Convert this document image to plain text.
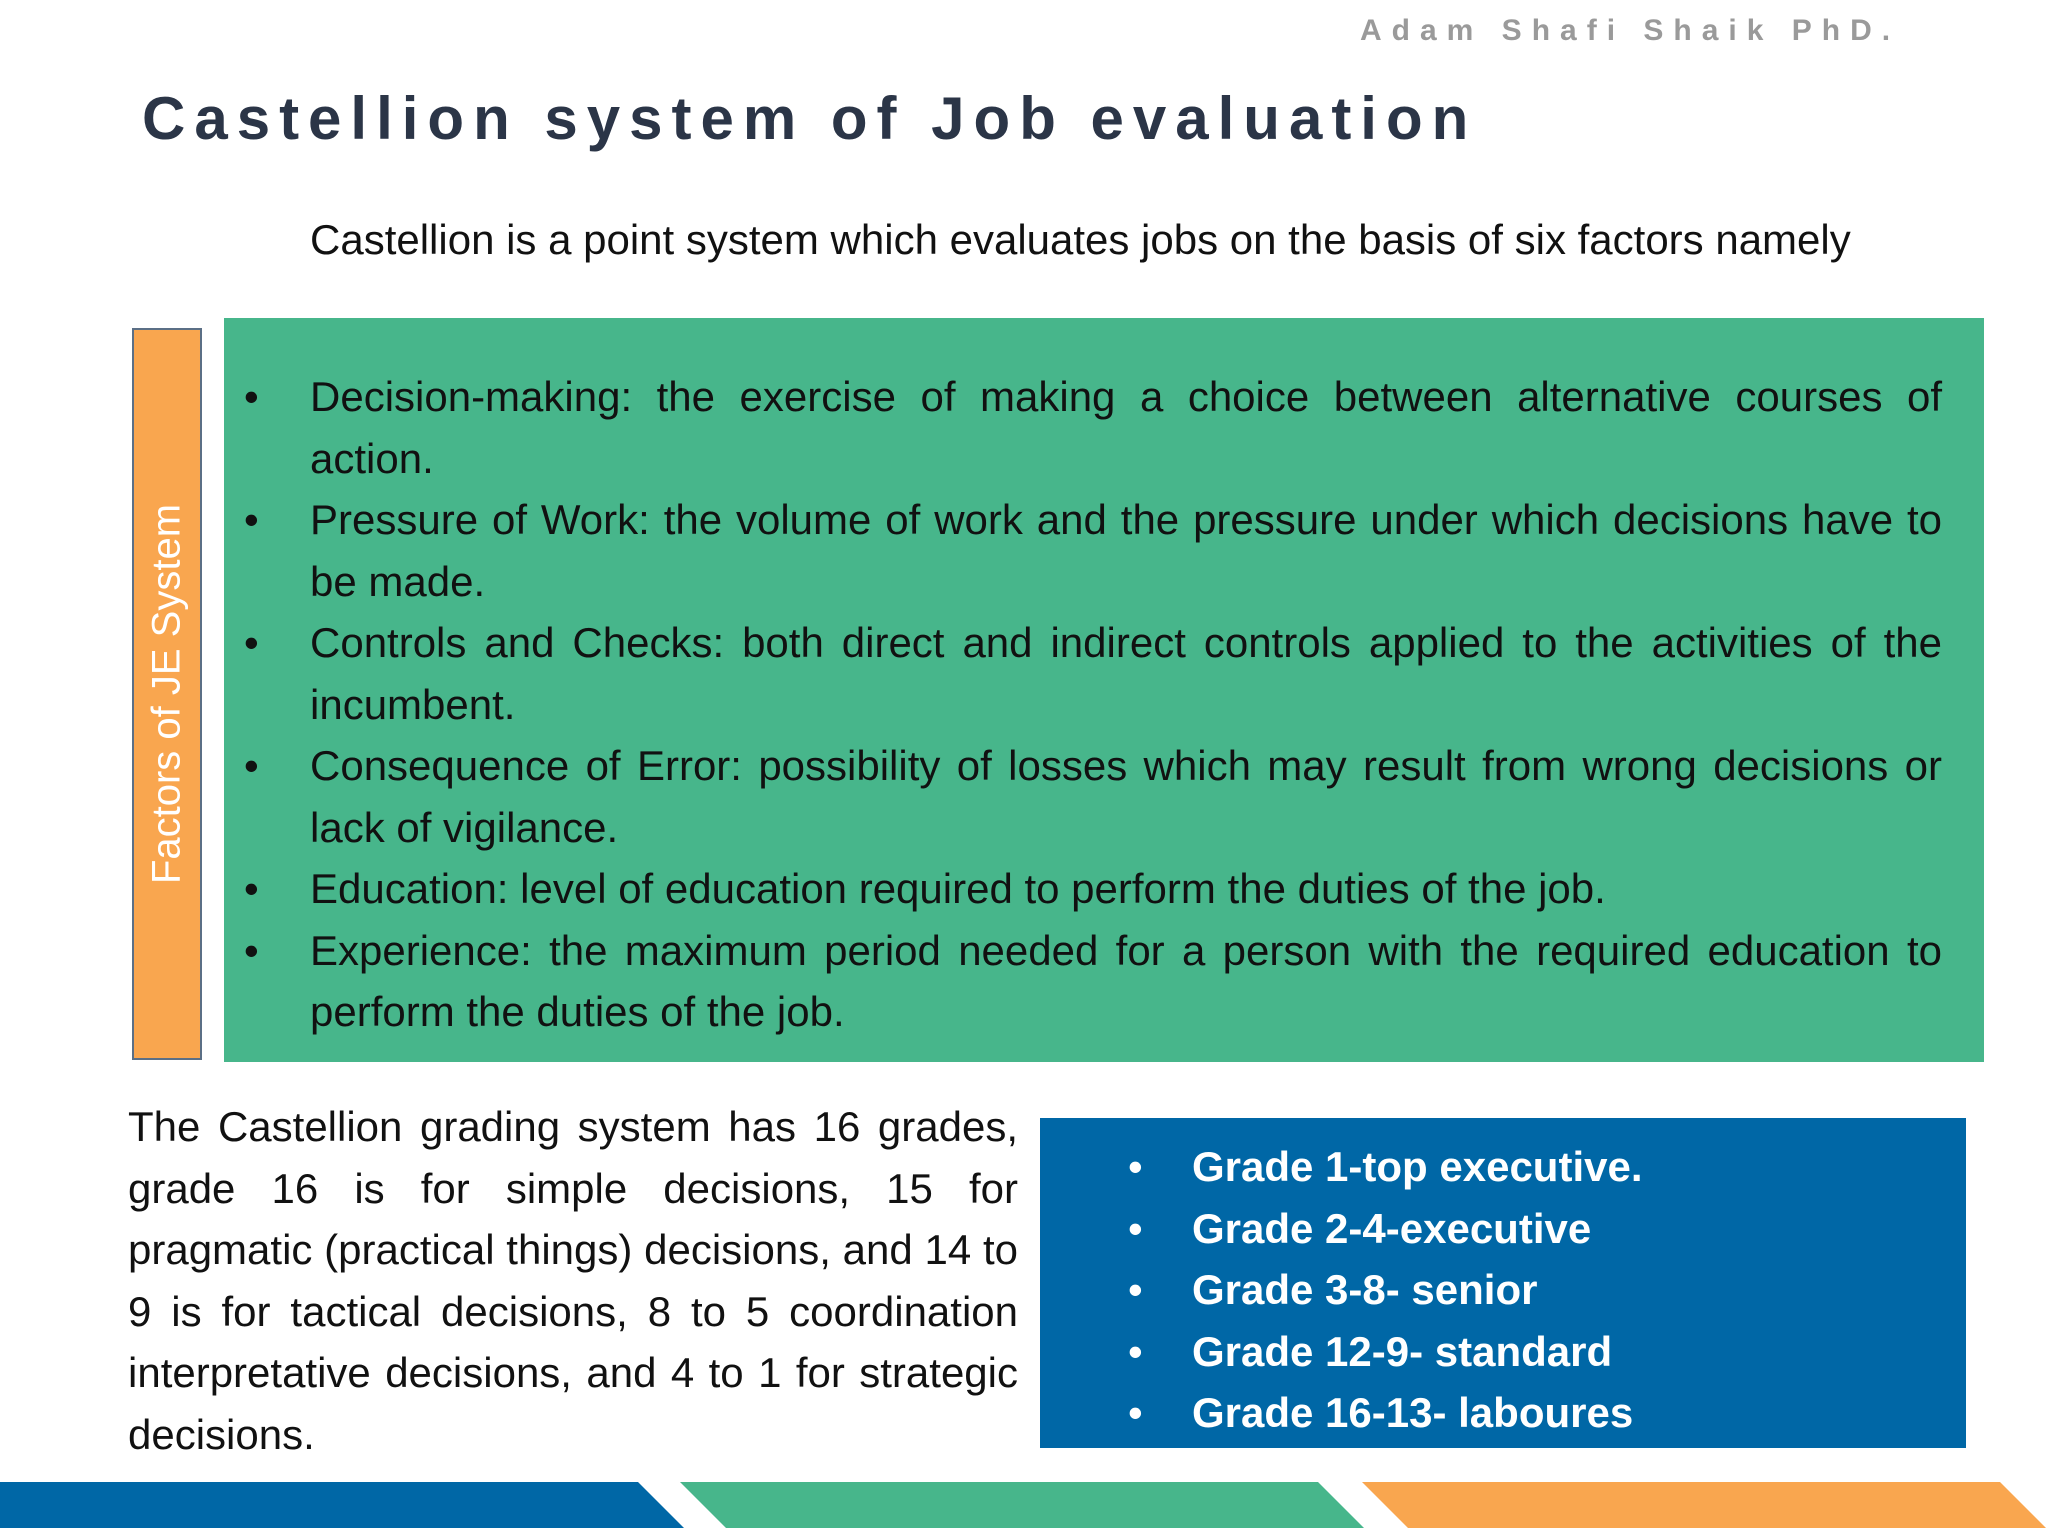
Adam Shafi Shaik PhD.
Castellion system of Job evaluation
Castellion is a point system which evaluates jobs on the basis of six factors namely
Factors of JE System
• Decision-making: the exercise of making a choice between alternative courses of action.
• Pressure of Work: the volume of work and the pressure under which decisions have to be made.
• Controls and Checks: both direct and indirect controls applied to the activities of the incumbent.
• Consequence of Error: possibility of losses which may result from wrong decisions or lack of vigilance.
• Education: level of education required to perform the duties of the job.
• Experience: the maximum period needed for a person with the required education to perform the duties of the job.
The Castellion grading system has 16 grades, grade 16 is for simple decisions, 15 for pragmatic (practical things) decisions, and 14 to 9 is for tactical decisions, 8 to 5 coordination interpretative decisions, and 4 to 1 for strategic decisions.
• Grade 1-top executive.
• Grade 2-4-executive
• Grade 3-8- senior
• Grade 12-9- standard
• Grade 16-13- laboures
